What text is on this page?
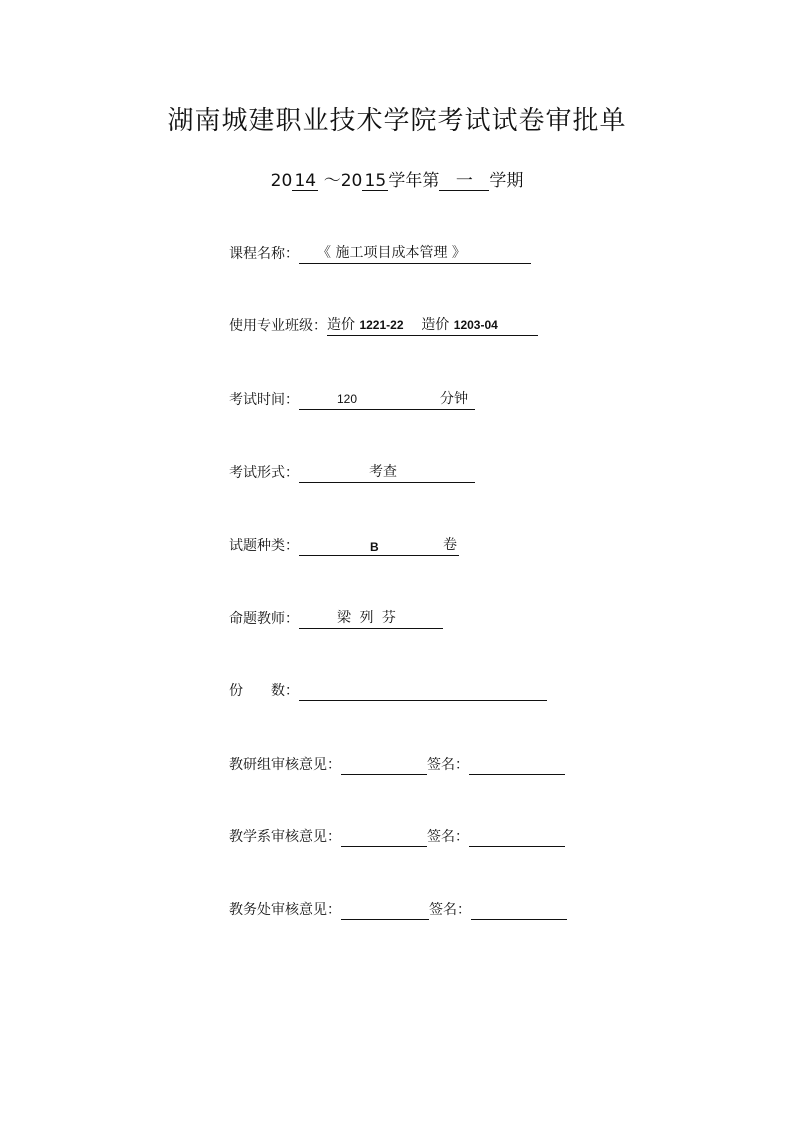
湖南城建职业技术学院考试试卷审批单
20 14 ～20 15 学年第 一 学期
课程名称： 《 施工项目成本管理 》
使用专业班级： 造价 1221-22 造价 1203-04
考试时间：	120	分钟
考试形式：	考查
试题种类：	B	卷
命题教师：	梁 列 芬
份 数：
教研组审核意见：	签名：
教学系审核意见：	签名：
教务处审核意见：	签名：
